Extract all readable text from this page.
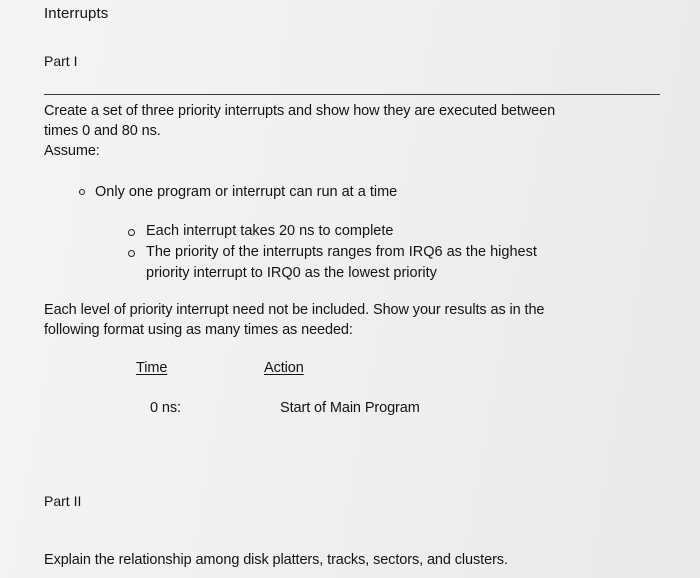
Interrupts
Part I
Create a set of three priority interrupts and show how they are executed between
times 0 and 80 ns.
Assume:
Only one program or interrupt can run at a time
Each interrupt takes 20 ns to complete
The priority of the interrupts ranges from IRQ6 as the highest
priority interrupt to IRQ0 as the lowest priority
Each level of priority interrupt need not be included. Show your results as in the
following format using as many times as needed:
Time	Action
0 ns:	Start of Main Program
Part II
Explain the relationship among disk platters, tracks, sectors, and clusters.
